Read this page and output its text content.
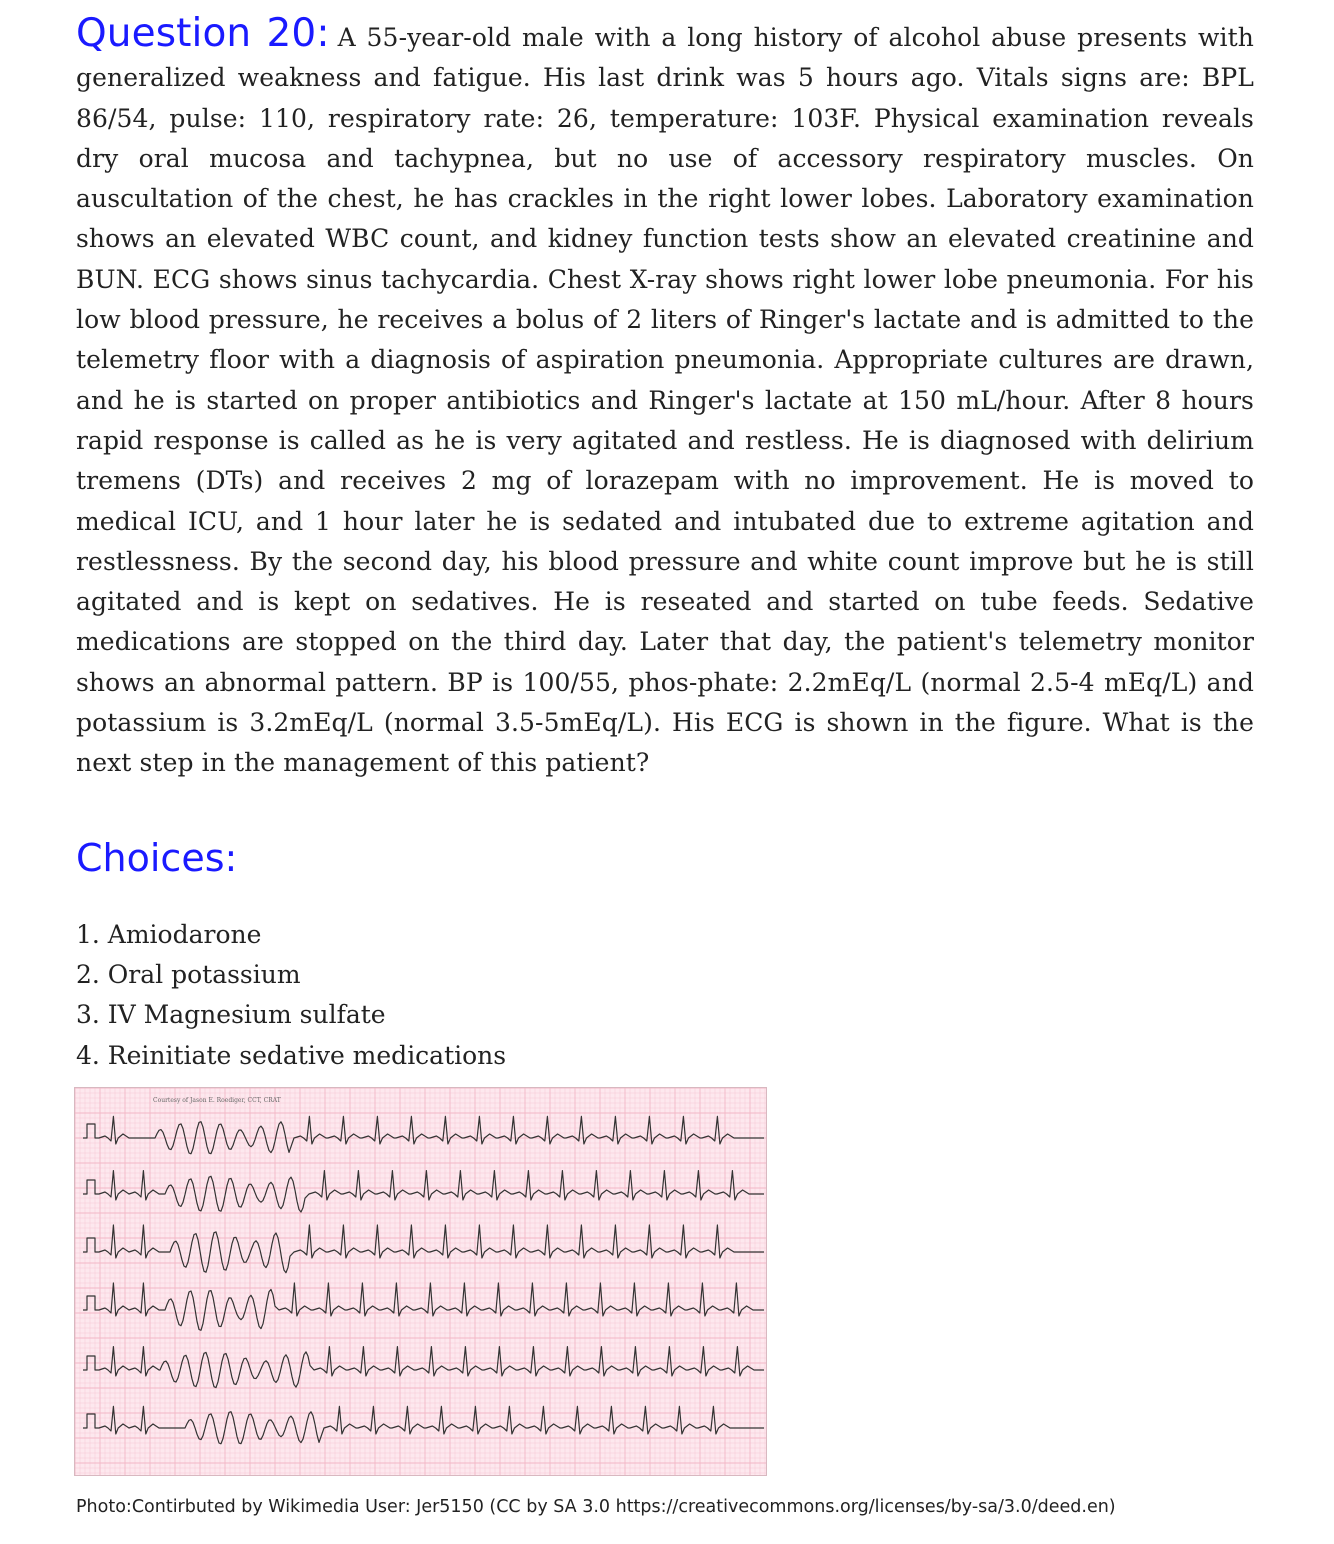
Question 20: A 55-year-old male with a long history of alcohol abuse presents with generalized weakness and fatigue. His last drink was 5 hours ago. Vitals signs are: BPL 86/54, pulse: 110, respiratory rate: 26, temperature: 103F. Physical examination reveals dry oral mucosa and tachypnea, but no use of accessory respiratory muscles. On auscultation of the chest, he has crackles in the right lower lobes. Laboratory examination shows an elevated WBC count, and kidney function tests show an elevated creatinine and BUN. ECG shows sinus tachycardia. Chest X-ray shows right lower lobe pneumonia. For his low blood pressure, he receives a bolus of 2 liters of Ringer's lactate and is admitted to the telemetry floor with a diagnosis of aspiration pneumonia. Appropriate cultures are drawn, and he is started on proper antibiotics and Ringer's lactate at 150 mL/hour. After 8 hours rapid response is called as he is very agitated and restless. He is diagnosed with delirium tremens (DTs) and receives 2 mg of lorazepam with no improvement. He is moved to medical ICU, and 1 hour later he is sedated and intubated due to extreme agitation and restlessness. By the second day, his blood pressure and white count improve but he is still agitated and is kept on sedatives. He is reseated and started on tube feeds. Sedative medications are stopped on the third day. Later that day, the patient's telemetry monitor shows an abnormal pattern. BP is 100/55, phos-phate: 2.2mEq/L (normal 2.5-4 mEq/L) and potassium is 3.2mEq/L (normal 3.5-5mEq/L). His ECG is shown in the figure. What is the next step in the management of this patient?

Choices:
1. Amiodarone
2. Oral potassium
3. IV Magnesium sulfate
4. Reinitiate sedative medications
Courtesy of Jason E. Roediger, CCT, CRAT
Photo:Contirbuted by Wikimedia User: Jer5150 (CC by SA 3.0 https://creativecommons.org/licenses/by-sa/3.0/deed.en)
